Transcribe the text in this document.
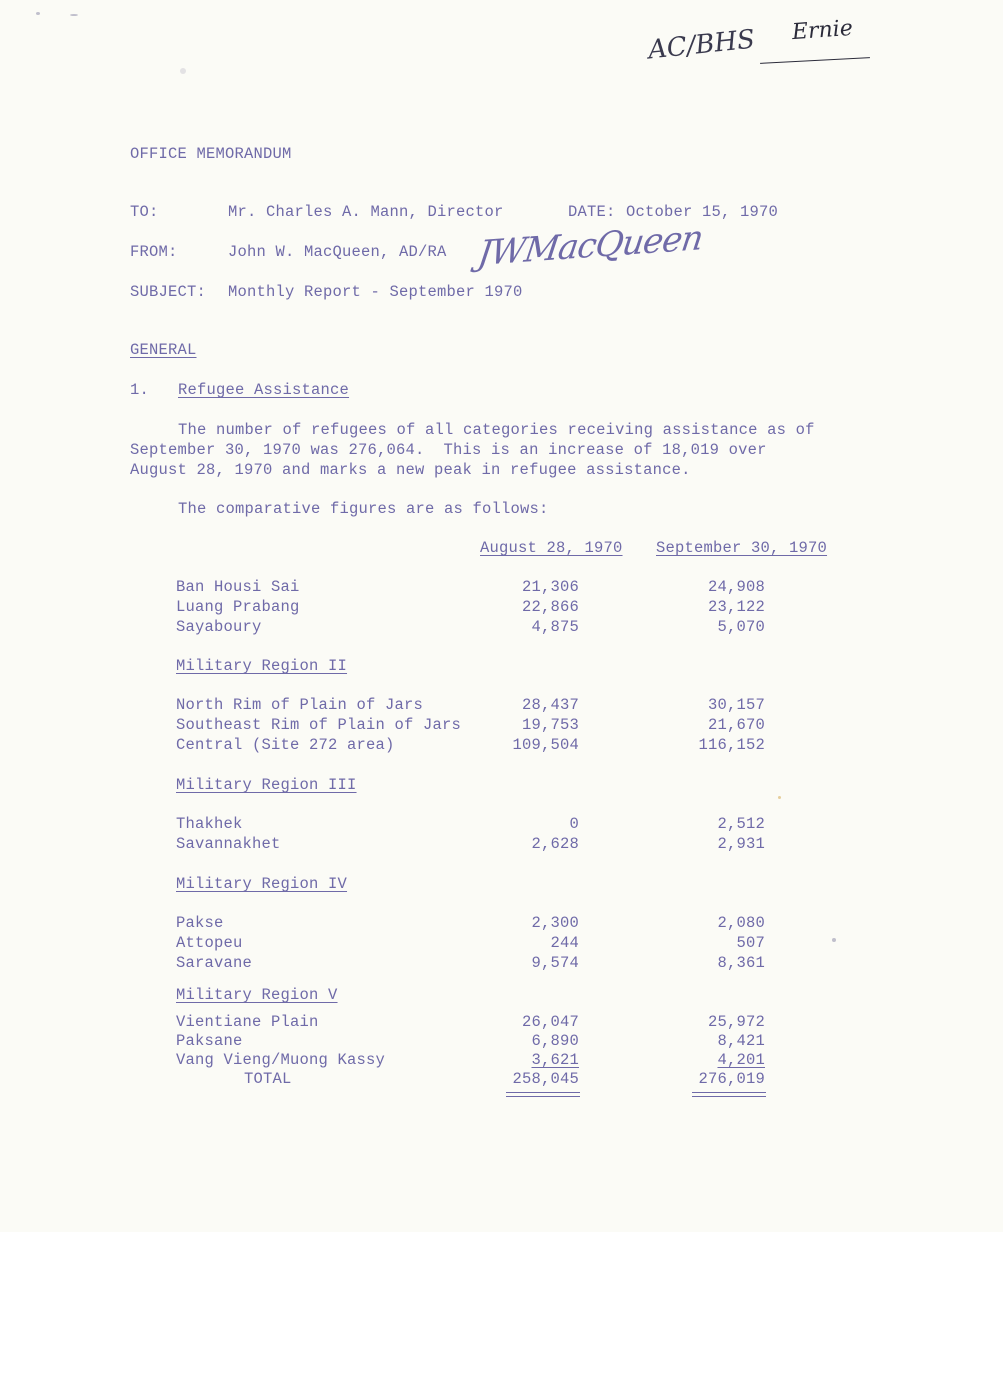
AC/BHS Ernie
OFFICE MEMORANDUM
TO:	Mr. Charles A. Mann, Director	DATE: October 15, 1970
FROM:	John W. MacQueen, AD/RA JWMacQueen
SUBJECT: Monthly Report - September 1970
GENERAL
1. Refugee Assistance
The number of refugees of all categories receiving assistance as of
September 30, 1970 was 276,064.  This is an increase of 18,019 over
August 28, 1970 and marks a new peak in refugee assistance.
The comparative figures are as follows:
August 28, 1970 September 30, 1970
Ban Housi Sai	21,306	24,908
Luang Prabang	22,866	23,122
Sayaboury	4,875	5,070
Military Region II
North Rim of Plain of Jars	28,437	30,157
Southeast Rim of Plain of Jars	19,753	21,670
Central (Site 272 area)	109,504	116,152
Military Region III
Thakhek	0	2,512
Savannakhet	2,628	2,931
Military Region IV
Pakse	2,300	2,080
Attopeu	244	507
Saravane	9,574	8,361
Military Region V
Vientiane Plain	26,047	25,972
Paksane	6,890	8,421
Vang Vieng/Muong Kassy	3,621	4,201
TOTAL	258,045	276,019
